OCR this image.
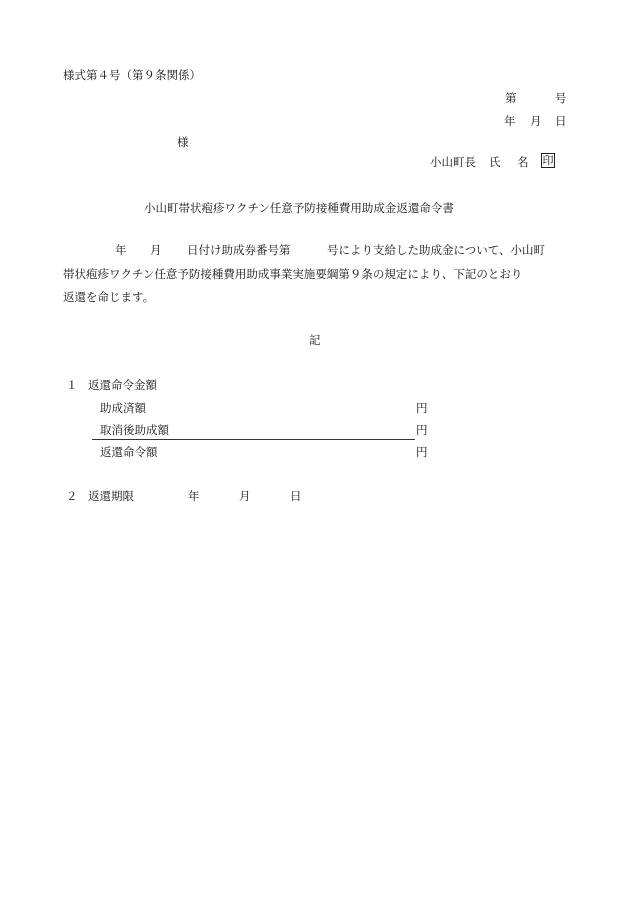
様式第４号（第９条関係）
第	号
年 月 日
様
小山町長 氏 名 印
小山町帯状疱疹ワクチン任意予防接種費用助成金返還命令書
年 月 日付け助成券番号第	号により支給した助成金について、小山町
帯状疱疹ワクチン任意予防接種費用助成事業実施要綱第９条の規定により、下記のとおり
返還を命じます。
記
１ 返還命令金額
助成済額	円
取消後助成額	円
返還命令額	円
２ 返還期限	年	月	日
